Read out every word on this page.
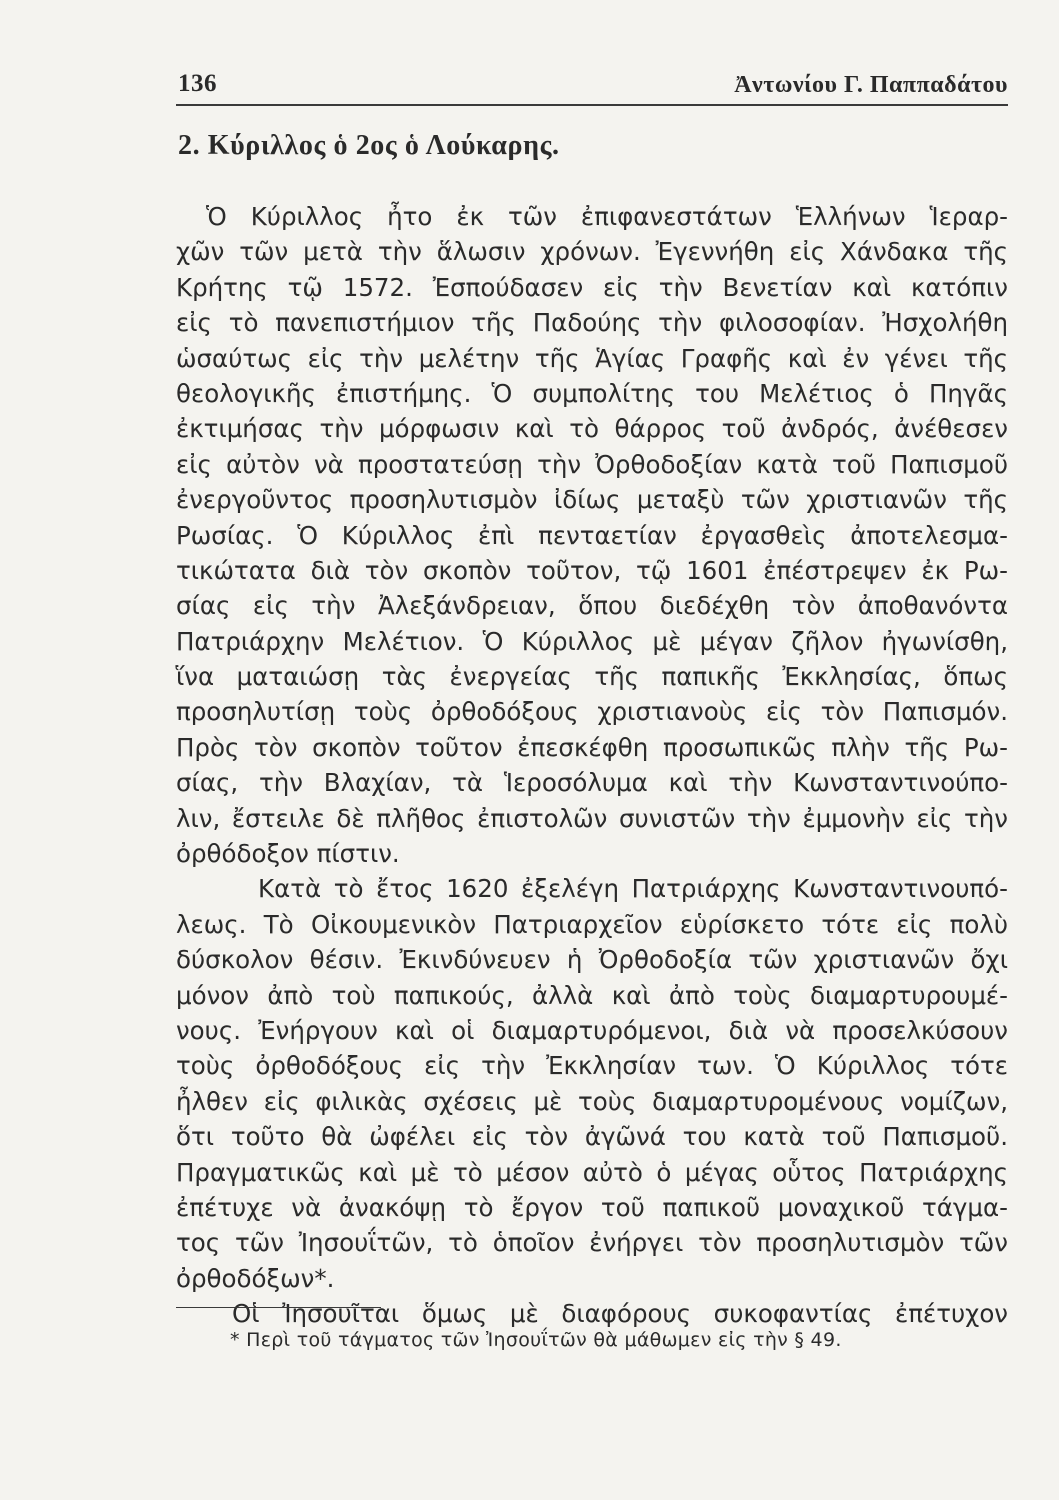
136	Ἀντωνίου Γ. Παππαδάτου
2. Κύριλλος ὁ 2ος ὁ Λούκαρης.
Ὁ Κύριλλος ἦτο ἐκ τῶν ἐπιφανεστάτων Ἑλλήνων Ἱεραρ-
χῶν τῶν μετὰ τὴν ἅλωσιν χρόνων. Ἐγεννήθη εἰς Χάνδακα τῆς
Κρήτης τῷ 1572. Ἐσπούδασεν εἰς τὴν Βενετίαν καὶ κατόπιν
εἰς τὸ πανεπιστήμιον τῆς Παδούης τὴν φιλοσοφίαν. Ἠσχολήθη
ὡσαύτως εἰς τὴν μελέτην τῆς Ἁγίας Γραφῆς καὶ ἐν γένει τῆς
θεολογικῆς ἐπιστήμης. Ὁ συμπολίτης του Μελέτιος ὁ Πηγᾶς
ἐκτιμήσας τὴν μόρφωσιν καὶ τὸ θάρρος τοῦ ἀνδρός, ἀνέθεσεν
εἰς αὐτὸν νὰ προστατεύσῃ τὴν Ὀρθοδοξίαν κατὰ τοῦ Παπισμοῦ
ἐνεργοῦντος προσηλυτισμὸν ἰδίως μεταξὺ τῶν χριστιανῶν τῆς
Ρωσίας. Ὁ Κύριλλος ἐπὶ πενταετίαν ἐργασθεὶς ἀποτελεσμα-
τικώτατα διὰ τὸν σκοπὸν τοῦτον, τῷ 1601 ἐπέστρεψεν ἐκ Ρω-
σίας εἰς τὴν Ἀλεξάνδρειαν, ὅπου διεδέχθη τὸν ἀποθανόντα
Πατριάρχην Μελέτιον. Ὁ Κύριλλος μὲ μέγαν ζῆλον ἠγωνίσθη,
ἵνα ματαιώσῃ τὰς ἐνεργείας τῆς παπικῆς Ἐκκλησίας, ὅπως
προσηλυτίσῃ τοὺς ὀρθοδόξους χριστιανοὺς εἰς τὸν Παπισμόν.
Πρὸς τὸν σκοπὸν τοῦτον ἐπεσκέφθη προσωπικῶς πλὴν τῆς Ρω-
σίας, τὴν Βλαχίαν, τὰ Ἱεροσόλυμα καὶ τὴν Κωνσταντινούπο-
λιν, ἔστειλε δὲ πλῆθος ἐπιστολῶν συνιστῶν τὴν ἐμμονὴν εἰς τὴν
ὀρθόδοξον πίστιν.
Κατὰ τὸ ἔτος 1620 ἐξελέγη Πατριάρχης Κωνσταντινουπό-
λεως. Τὸ Οἰκουμενικὸν Πατριαρχεῖον εὑρίσκετο τότε εἰς πολὺ
δύσκολον θέσιν. Ἐκινδύνευεν ἡ Ὀρθοδοξία τῶν χριστιανῶν ὄχι
μόνον ἀπὸ τοὺ παπικούς, ἀλλὰ καὶ ἀπὸ τοὺς διαμαρτυρουμέ-
νους. Ἐνήργουν καὶ οἱ διαμαρτυρόμενοι, διὰ νὰ προσελκύσουν
τοὺς ὀρθοδόξους εἰς τὴν Ἐκκλησίαν των. Ὁ Κύριλλος τότε
ἦλθεν εἰς φιλικὰς σχέσεις μὲ τοὺς διαμαρτυρομένους νομίζων,
ὅτι τοῦτο θὰ ὠφέλει εἰς τὸν ἀγῶνά του κατὰ τοῦ Παπισμοῦ.
Πραγματικῶς καὶ μὲ τὸ μέσον αὐτὸ ὁ μέγας οὗτος Πατριάρχης
ἐπέτυχε νὰ ἀνακόψῃ τὸ ἔργον τοῦ παπικοῦ μοναχικοῦ τάγμα-
τος τῶν Ἰησουΐτῶν, τὸ ὁποῖον ἐνήργει τὸν προσηλυτισμὸν τῶν
ὀρθοδόξων*.
Οἱ Ἰησουῖται ὅμως μὲ διαφόρους συκοφαντίας ἐπέτυχον
* Περὶ τοῦ τάγματος τῶν Ἰησουΐτῶν θὰ μάθωμεν εἰς τὴν § 49.
